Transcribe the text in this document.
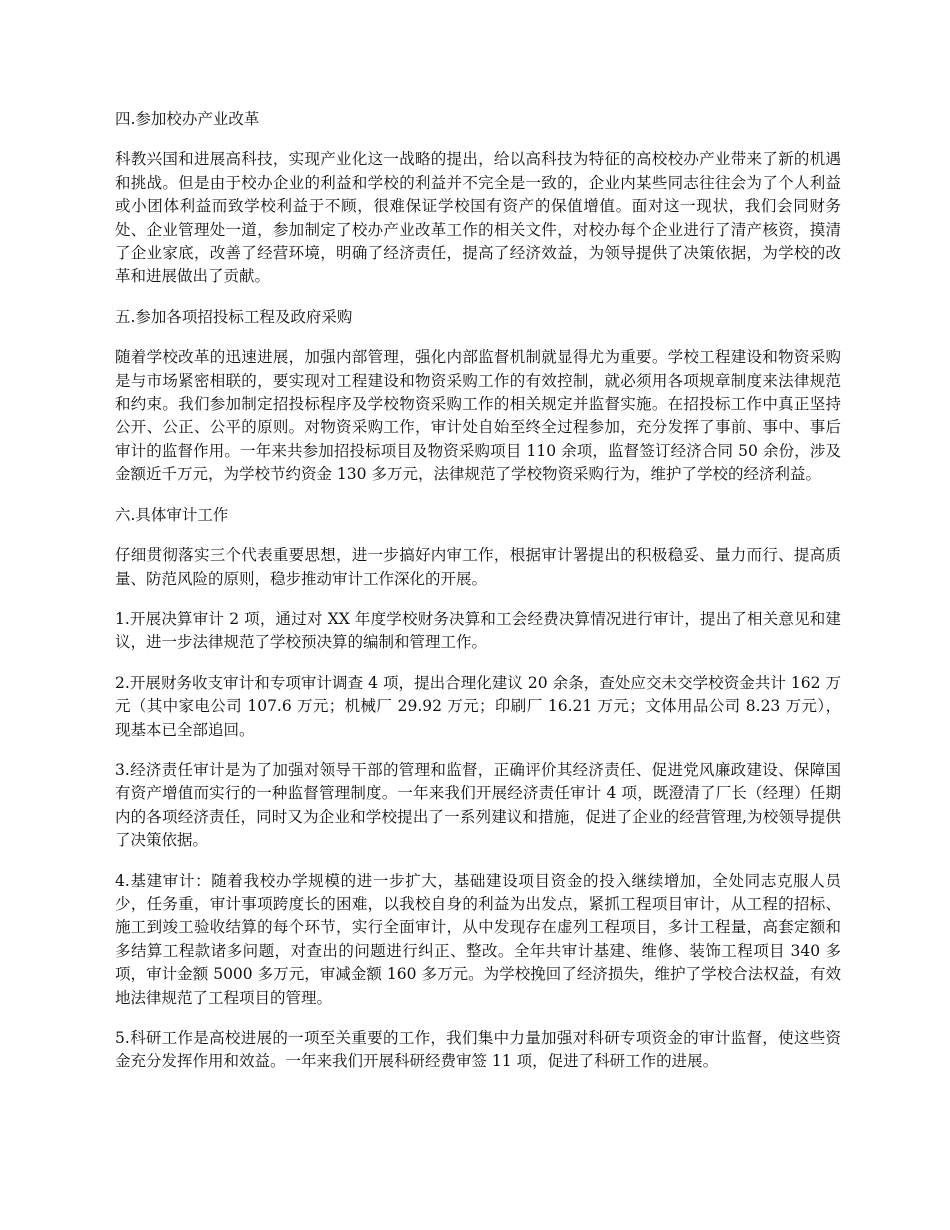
四.参加校办产业改革
科教兴国和进展高科技，实现产业化这一战略的提出，给以高科技为特征的高校校办产业带来了新的机遇和挑战。但是由于校办企业的利益和学校的利益并不完全是一致的，企业内某些同志往往会为了个人利益或小团体利益而致学校利益于不顾，很难保证学校国有资产的保值增值。面对这一现状，我们会同财务处、企业管理处一道，参加制定了校办产业改革工作的相关文件，对校办每个企业进行了清产核资，摸清了企业家底，改善了经营环境，明确了经济责任，提高了经济效益，为领导提供了决策依据，为学校的改革和进展做出了贡献。
五.参加各项招投标工程及政府采购
随着学校改革的迅速进展，加强内部管理，强化内部监督机制就显得尤为重要。学校工程建设和物资采购是与市场紧密相联的，要实现对工程建设和物资采购工作的有效控制，就必须用各项规章制度来法律规范和约束。我们参加制定招投标程序及学校物资采购工作的相关规定并监督实施。在招投标工作中真正坚持公开、公正、公平的原则。对物资采购工作，审计处自始至终全过程参加，充分发挥了事前、事中、事后审计的监督作用。一年来共参加招投标项目及物资采购项目 110 余项，监督签订经济合同 50 余份，涉及金额近千万元，为学校节约资金 130 多万元，法律规范了学校物资采购行为，维护了学校的经济利益。
六.具体审计工作
仔细贯彻落实三个代表重要思想，进一步搞好内审工作，根据审计署提出的积极稳妥、量力而行、提高质量、防范风险的原则，稳步推动审计工作深化的开展。
1.开展决算审计 2 项，通过对 XX 年度学校财务决算和工会经费决算情况进行审计，提出了相关意见和建议，进一步法律规范了学校预决算的编制和管理工作。
2.开展财务收支审计和专项审计调查 4 项，提出合理化建议 20 余条，查处应交未交学校资金共计 162 万元（其中家电公司 107.6 万元；机械厂 29.92 万元；印刷厂 16.21 万元；文体用品公司 8.23 万元），现基本已全部追回。
3.经济责任审计是为了加强对领导干部的管理和监督，正确评价其经济责任、促进党风廉政建设、保障国有资产增值而实行的一种监督管理制度。一年来我们开展经济责任审计 4 项，既澄清了厂长（经理）任期内的各项经济责任，同时又为企业和学校提出了一系列建议和措施，促进了企业的经营管理,为校领导提供了决策依据。
4.基建审计：随着我校办学规模的进一步扩大，基础建设项目资金的投入继续增加，全处同志克服人员少，任务重，审计事项跨度长的困难，以我校自身的利益为出发点，紧抓工程项目审计，从工程的招标、施工到竣工验收结算的每个环节，实行全面审计，从中发现存在虚列工程项目，多计工程量，高套定额和多结算工程款诸多问题，对查出的问题进行纠正、整改。全年共审计基建、维修、装饰工程项目 340 多项，审计金额 5000 多万元，审减金额 160 多万元。为学校挽回了经济损失，维护了学校合法权益，有效地法律规范了工程项目的管理。
5.科研工作是高校进展的一项至关重要的工作，我们集中力量加强对科研专项资金的审计监督，使这些资金充分发挥作用和效益。一年来我们开展科研经费审签 11 项，促进了科研工作的进展。
